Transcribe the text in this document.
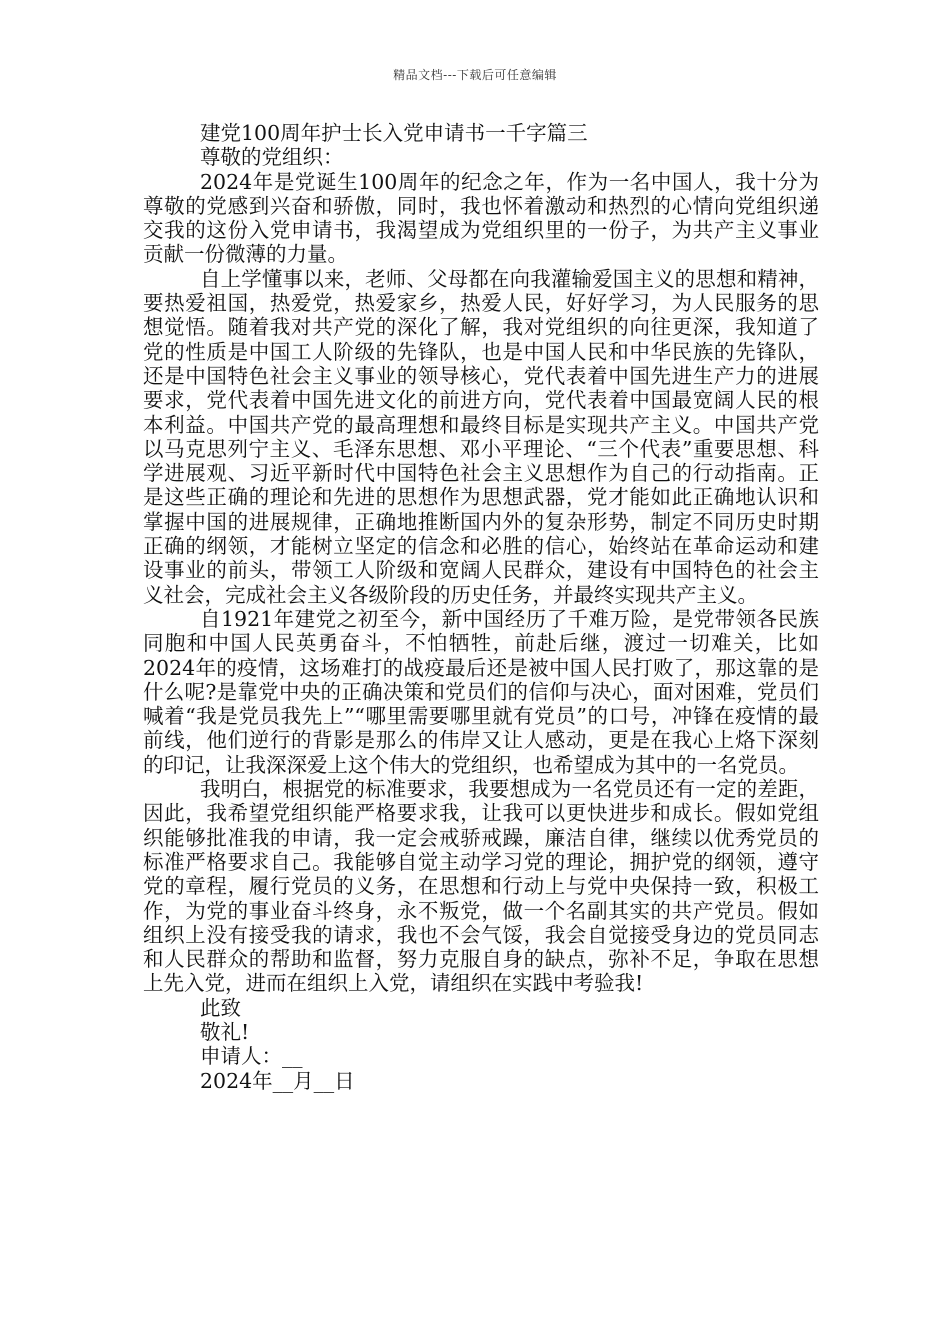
精品文档---下载后可任意编辑
建党100周年护士长入党申请书一千字篇三
尊敬的党组织：

2024年是党诞生100周年的纪念之年，作为一名中国人，我十分为尊敬的党感到兴奋和骄傲，同时，我也怀着激动和热烈的心情向党组织递交我的这份入党申请书，我渴望成为党组织里的一份子，为共产主义事业贡献一份微薄的力量。

自上学懂事以来，老师、父母都在向我灌输爱国主义的思想和精神，要热爱祖国，热爱党，热爱家乡，热爱人民，好好学习，为人民服务的思想觉悟。随着我对共产党的深化了解，我对党组织的向往更深，我知道了党的性质是中国工人阶级的先锋队，也是中国人民和中华民族的先锋队，还是中国特色社会主义事业的领导核心，党代表着中国先进生产力的进展要求，党代表着中国先进文化的前进方向，党代表着中国最宽阔人民的根本利益。中国共产党的最高理想和最终目标是实现共产主义。中国共产党以马克思列宁主义、毛泽东思想、邓小平理论、“三个代表”重要思想、科学进展观、习近平新时代中国特色社会主义思想作为自己的行动指南。正是这些正确的理论和先进的思想作为思想武器，党才能如此正确地认识和掌握中国的进展规律，正确地推断国内外的复杂形势，制定不同历史时期正确的纲领，才能树立坚定的信念和必胜的信心，始终站在革命运动和建设事业的前头，带领工人阶级和宽阔人民群众，建设有中国特色的社会主义社会，完成社会主义各级阶段的历史任务，并最终实现共产主义。

自1921年建党之初至今，新中国经历了千难万险，是党带领各民族同胞和中国人民英勇奋斗，不怕牺牲，前赴后继，渡过一切难关，比如2024年的疫情，这场难打的战疫最后还是被中国人民打败了，那这靠的是什么呢?是靠党中央的正确决策和党员们的信仰与决心，面对困难，党员们喊着“我是党员我先上”“哪里需要哪里就有党员”的口号，冲锋在疫情的最前线，他们逆行的背影是那么的伟岸又让人感动，更是在我心上烙下深刻的印记，让我深深爱上这个伟大的党组织，也希望成为其中的一名党员。

我明白，根据党的标准要求，我要想成为一名党员还有一定的差距，因此，我希望党组织能严格要求我，让我可以更快进步和成长。假如党组织能够批准我的申请，我一定会戒骄戒躁，廉洁自律，继续以优秀党员的标准严格要求自己。我能够自觉主动学习党的理论，拥护党的纲领，遵守党的章程，履行党员的义务，在思想和行动上与党中央保持一致，积极工作，为党的事业奋斗终身，永不叛党，做一个名副其实的共产党员。假如组织上没有接受我的请求，我也不会气馁，我会自觉接受身边的党员同志和人民群众的帮助和监督，努力克服自身的缺点，弥补不足，争取在思想上先入党，进而在组织上入党，请组织在实践中考验我!

此致

敬礼!

申请人：__

2024年__月__日
